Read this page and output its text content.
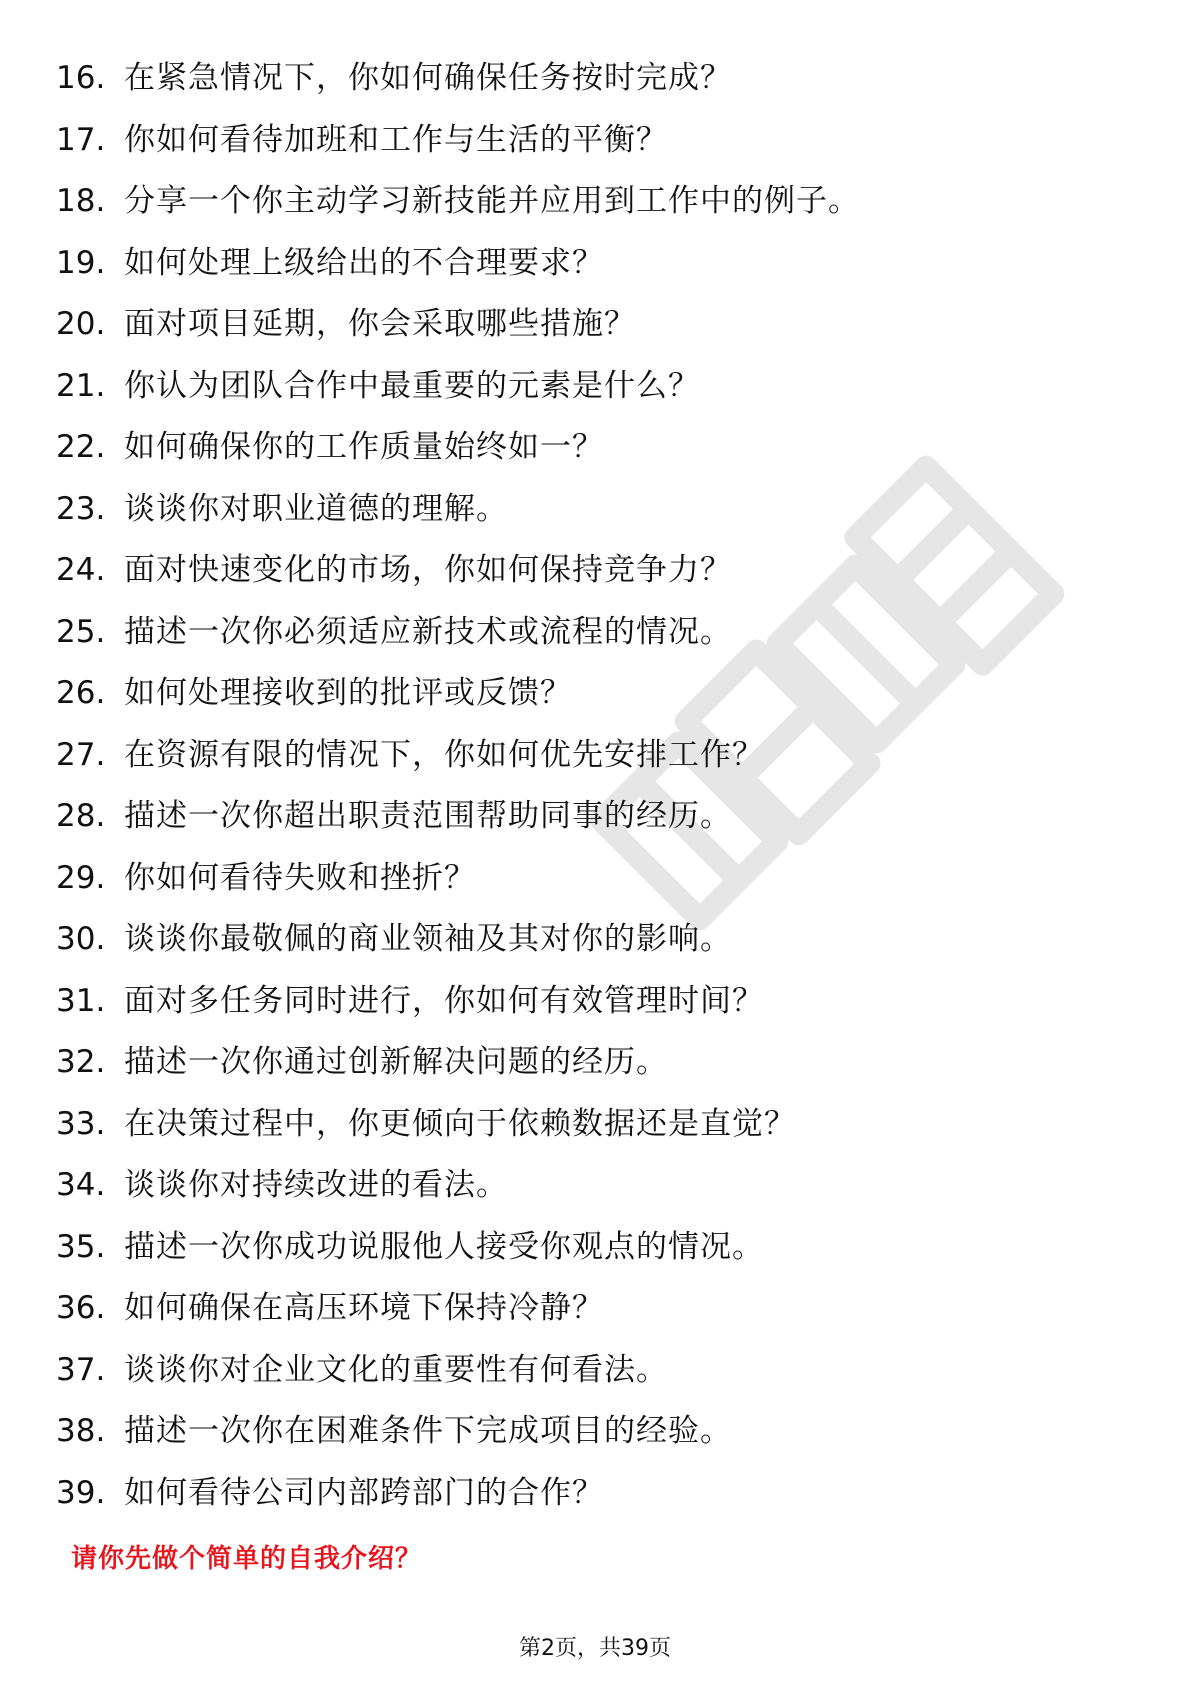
16. 在紧急情况下，你如何确保任务按时完成？
17. 你如何看待加班和工作与生活的平衡？
18. 分享一个你主动学习新技能并应用到工作中的例子。
19. 如何处理上级给出的不合理要求？
20. 面对项目延期，你会采取哪些措施？
21. 你认为团队合作中最重要的元素是什么？
22. 如何确保你的工作质量始终如一？
23. 谈谈你对职业道德的理解。
24. 面对快速变化的市场，你如何保持竞争力？
25. 描述一次你必须适应新技术或流程的情况。
26. 如何处理接收到的批评或反馈？
27. 在资源有限的情况下，你如何优先安排工作？
28. 描述一次你超出职责范围帮助同事的经历。
29. 你如何看待失败和挫折？
30. 谈谈你最敬佩的商业领袖及其对你的影响。
31. 面对多任务同时进行，你如何有效管理时间？
32. 描述一次你通过创新解决问题的经历。
33. 在决策过程中，你更倾向于依赖数据还是直觉？
34. 谈谈你对持续改进的看法。
35. 描述一次你成功说服他人接受你观点的情况。
36. 如何确保在高压环境下保持冷静？
37. 谈谈你对企业文化的重要性有何看法。
38. 描述一次你在困难条件下完成项目的经验。
39. 如何看待公司内部跨部门的合作？
请你先做个简单的自我介绍？
第2页，共39页
